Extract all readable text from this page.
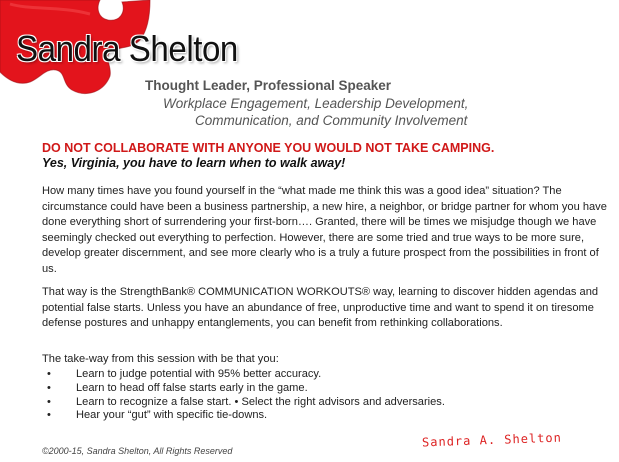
Sandra Shelton
Thought Leader, Professional Speaker
Workplace Engagement, Leadership Development,
Communication, and Community Involvement
DO NOT COLLABORATE WITH ANYONE YOU WOULD NOT TAKE CAMPING.
Yes, Virginia, you have to learn when to walk away!

How many times have you found yourself in the “what made me think this was a good idea” situation? The circumstance could have been a business partnership, a new hire, a neighbor, or bridge partner for whom you have done everything short of surrendering your first-born…. Granted, there will be times we misjudge though we have seemingly checked out everything to perfection. However, there are some tried and true ways to be more sure, develop greater discernment, and see more clearly who is a truly a future prospect from the possibilities in front of us.

That way is the StrengthBank® COMMUNICATION WORKOUTS® way, learning to discover hidden agendas and potential false starts. Unless you have an abundance of free, unproductive time and want to spend it on tiresome defense postures and unhappy entanglements, you can benefit from rethinking collaborations.

The take-way from this session with be that you:

• Learn to judge potential with 95% better accuracy.
• Learn to head off false starts early in the game.
• Learn to recognize a false start. • Select the right advisors and adversaries.
• Hear your “gut” with specific tie-downs.
©2000-15, Sandra Shelton, All Rights Reserved
Sandra A. Shelton
